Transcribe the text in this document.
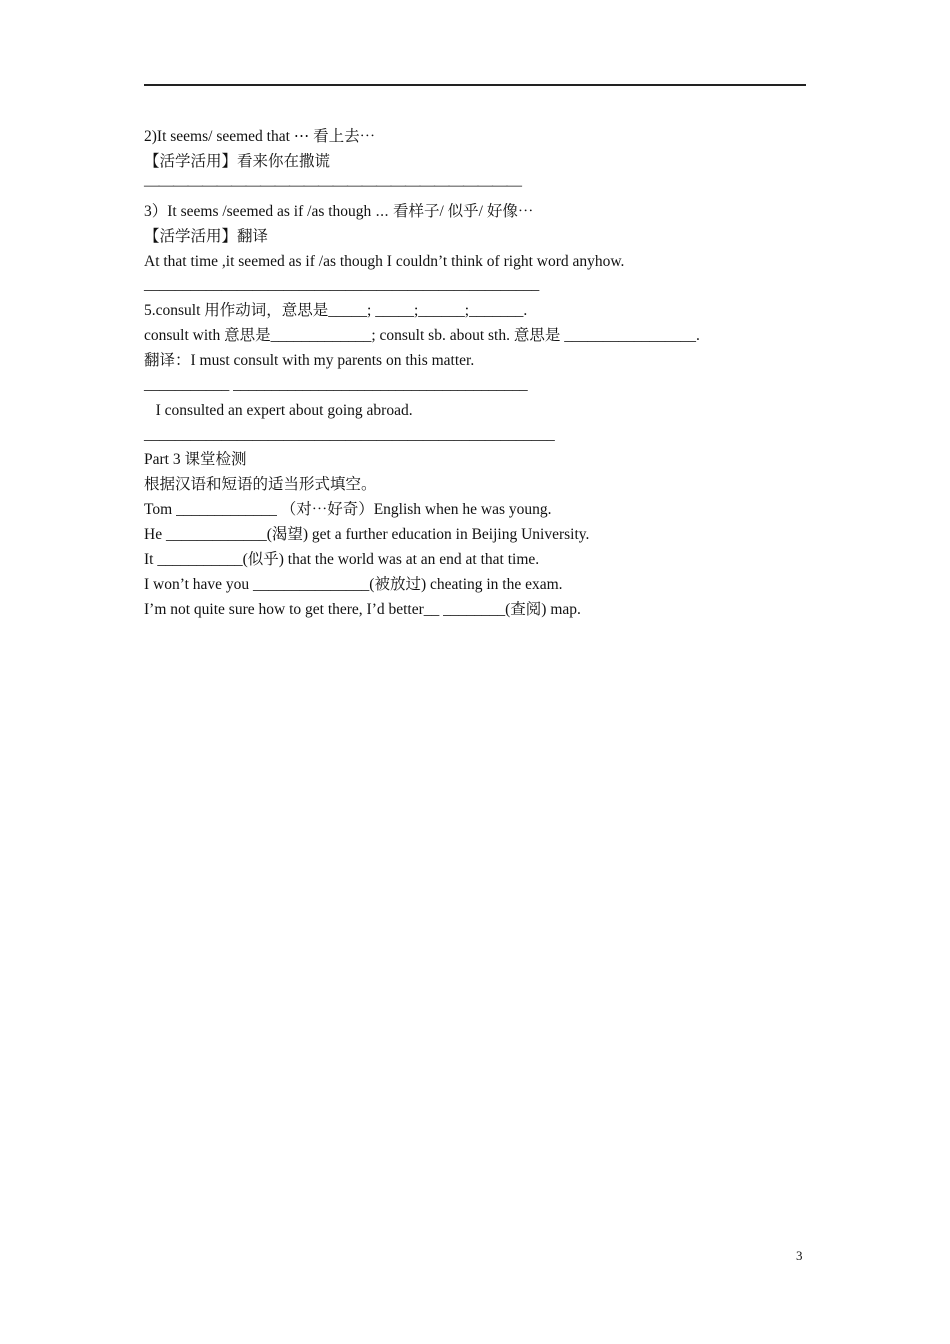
2)It seems/ seemed that ⋯ 看上去⋯
【活学活用】看来你在撒谎
——————————————————————————
3）It seems /seemed as if /as though ⋯ 看样子/ 似乎/ 好像⋯
【活学活用】翻译
At that time ,it seemed as if /as though I couldn’t think of right word anyhow.
___________________________________________________
5.consult 用作动词，意思是_____; _____;______;_______.
consult with 意思是_____________; consult sb. about sth. 意思是 _________________.
翻译：I must consult with my parents on this matter.
___________ ______________________________________
I consulted an expert about going abroad.
_____________________________________________________
Part 3 课堂检测
根据汉语和短语的适当形式填空。
Tom _____________ （对⋯好奇）English when he was young.
He _____________(渴望) get a further education in Beijing University.
It ___________(似乎) that the world was at an end at that time.
I won’t have you _______________(被放过) cheating in the exam.
I’m not quite sure how to get there, I’d better__ ________(查阅) map.
3
